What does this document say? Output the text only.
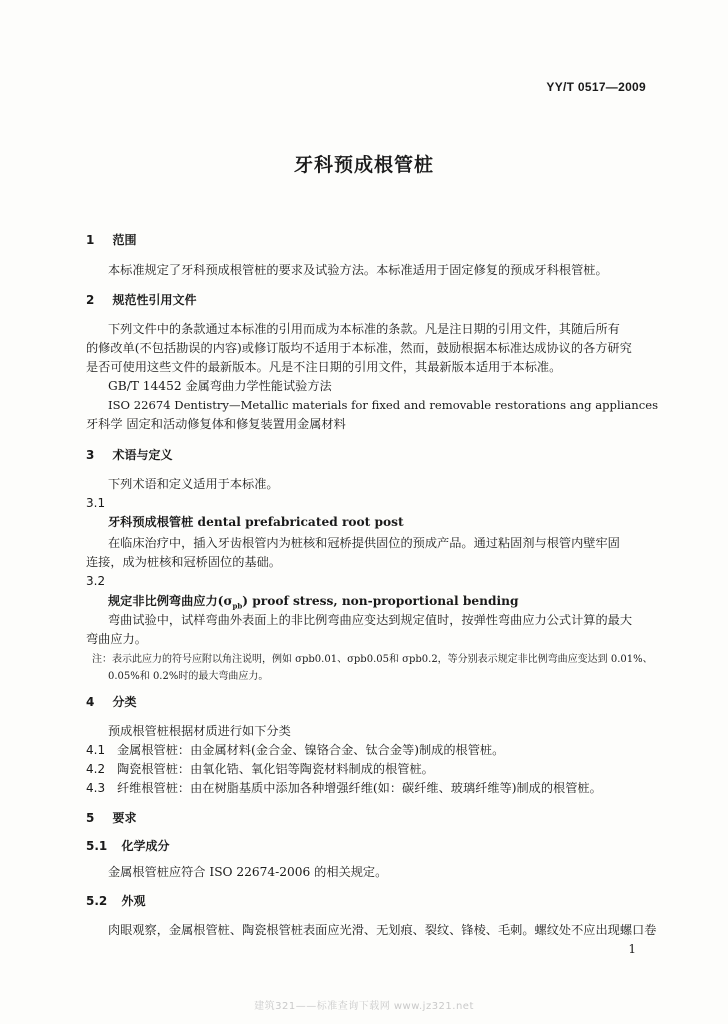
YY/T 0517—2009
牙科预成根管桩
1 范围
本标准规定了牙科预成根管桩的要求及试验方法。本标准适用于固定修复的预成牙科根管桩。
2 规范性引用文件
下列文件中的条款通过本标准的引用而成为本标准的条款。凡是注日期的引用文件，其随后所有
的修改单(不包括勘误的内容)或修订版均不适用于本标准，然而，鼓励根据本标准达成协议的各方研究
是否可使用这些文件的最新版本。凡是不注日期的引用文件，其最新版本适用于本标准。
GB/T 14452 金属弯曲力学性能试验方法
ISO 22674 Dentistry—Metallic materials for fixed and removable restorations ang appliances
牙科学 固定和活动修复体和修复装置用金属材料
3 术语与定义
下列术语和定义适用于本标准。
3.1
牙科预成根管桩 dental prefabricated root post
在临床治疗中，插入牙齿根管内为桩核和冠桥提供固位的预成产品。通过粘固剂与根管内壁牢固
连接，成为桩核和冠桥固位的基础。
3.2
规定非比例弯曲应力$(\sigma_{pb})$ proof stress, non-proportional bending
弯曲试验中，试样弯曲外表面上的非比例弯曲应变达到规定值时，按弹性弯曲应力公式计算的最大
弯曲应力。
注：表示此应力的符号应附以角注说明，例如 σpb0.01、σpb0.05和 σpb0.2，等分别表示规定非比例弯曲应变达到 0.01%、
0.05%和 0.2%时的最大弯曲应力。
4 分类
预成根管桩根据材质进行如下分类
4.1 金属根管桩：由金属材料(金合金、镍铬合金、钛合金等)制成的根管桩。
4.2 陶瓷根管桩：由氧化锆、氧化铝等陶瓷材料制成的根管桩。
4.3 纤维根管桩：由在树脂基质中添加各种增强纤维(如：碳纤维、玻璃纤维等)制成的根管桩。
5 要求
5.1 化学成分
金属根管桩应符合 ISO 22674-2006 的相关规定。
5.2 外观
肉眼观察，金属根管桩、陶瓷根管桩表面应光滑、无划痕、裂纹、锋棱、毛刺。螺纹处不应出现螺口卷
1
建筑321——标准查询下载网 www.jz321.net
